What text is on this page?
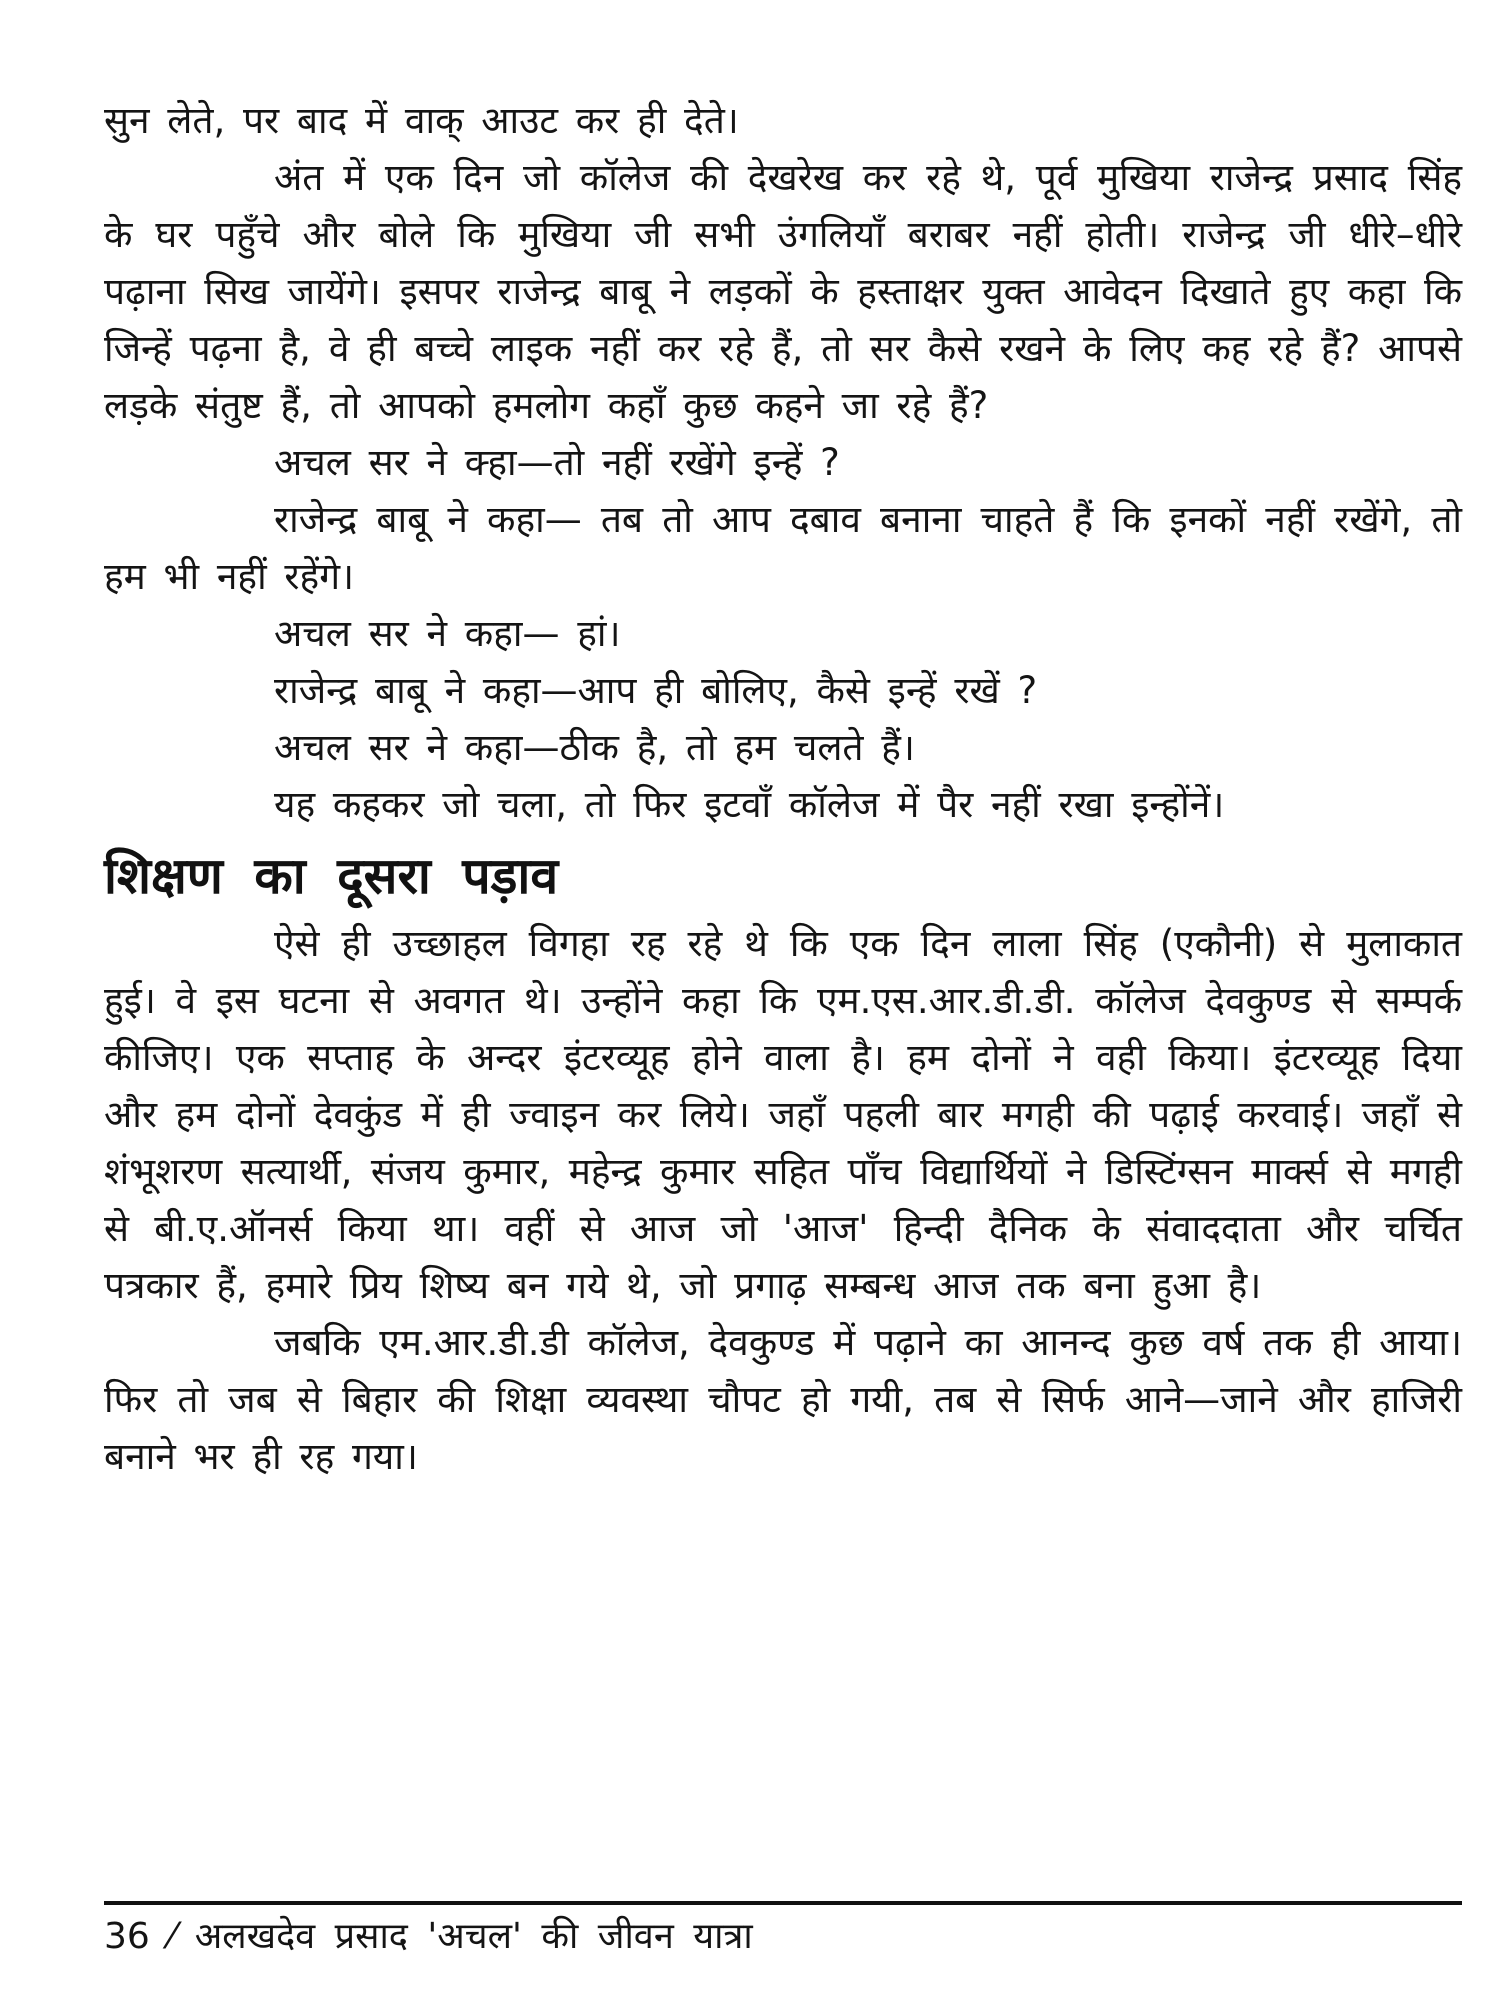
सुन लेते, पर बाद में वाक् आउट कर ही देते।

अंत में एक दिन जो कॉलेज की देखरेख कर रहे थे, पूर्व मुखिया राजेन्द्र प्रसाद सिंह के घर पहुँचे और बोले कि मुखिया जी सभी उंगलियाँ बराबर नहीं होती। राजेन्द्र जी धीरे–धीरे पढ़ाना सिख जायेंगे। इसपर राजेन्द्र बाबू ने लड़कों के हस्ताक्षर युक्त आवेदन दिखाते हुए कहा कि जिन्हें पढ़ना है, वे ही बच्चे लाइक नहीं कर रहे हैं, तो सर कैसे रखने के लिए कह रहे हैं? आपसे लड़के संतुष्ट हैं, तो आपको हमलोग कहाँ कुछ कहने जा रहे हैं?

अचल सर ने क्हा—तो नहीं रखेंगे इन्हें ?

राजेन्द्र बाबू ने कहा— तब तो आप दबाव बनाना चाहते हैं कि इनकों नहीं रखेंगे, तो हम भी नहीं रहेंगे।

अचल सर ने कहा— हां।

राजेन्द्र बाबू ने कहा—आप ही बोलिए, कैसे इन्हें रखें ?

अचल सर ने कहा—ठीक है, तो हम चलते हैं।

यह कहकर जो चला, तो फिर इटवाँ कॉलेज में पैर नहीं रखा इन्होंनें।

शिक्षण का दूसरा पड़ाव

ऐसे ही उच्छाहल विगहा रह रहे थे कि एक दिन लाला सिंह (एकौनी) से मुलाकात हुई। वे इस घटना से अवगत थे। उन्होंने कहा कि एम.एस.आर.डी.डी. कॉलेज देवकुण्ड से सम्पर्क कीजिए। एक सप्ताह के अन्दर इंटरव्यूह होने वाला है। हम दोनों ने वही किया। इंटरव्यूह दिया और हम दोनों देवकुंड में ही ज्वाइन कर लिये। जहाँ पहली बार मगही की पढ़ाई करवाई। जहाँ से शंभूशरण सत्यार्थी, संजय कुमार, महेन्द्र कुमार सहित पाँच विद्यार्थियों ने डिस्टिंग्सन मार्क्स से मगही से बी.ए.ऑनर्स किया था। वहीं से आज जो 'आज' हिन्दी दैनिक के संवाददाता और चर्चित पत्रकार हैं, हमारे प्रिय शिष्य बन गये थे, जो प्रगाढ़ सम्बन्ध आज तक बना हुआ है।

जबकि एम.आर.डी.डी कॉलेज, देवकुण्ड में पढ़ाने का आनन्द कुछ वर्ष तक ही आया। फिर तो जब से बिहार की शिक्षा व्यवस्था चौपट हो गयी, तब से सिर्फ आने—जाने और हाजिरी बनाने भर ही रह गया।

36 ⁄ अलखदेव प्रसाद 'अचल' की जीवन यात्रा
